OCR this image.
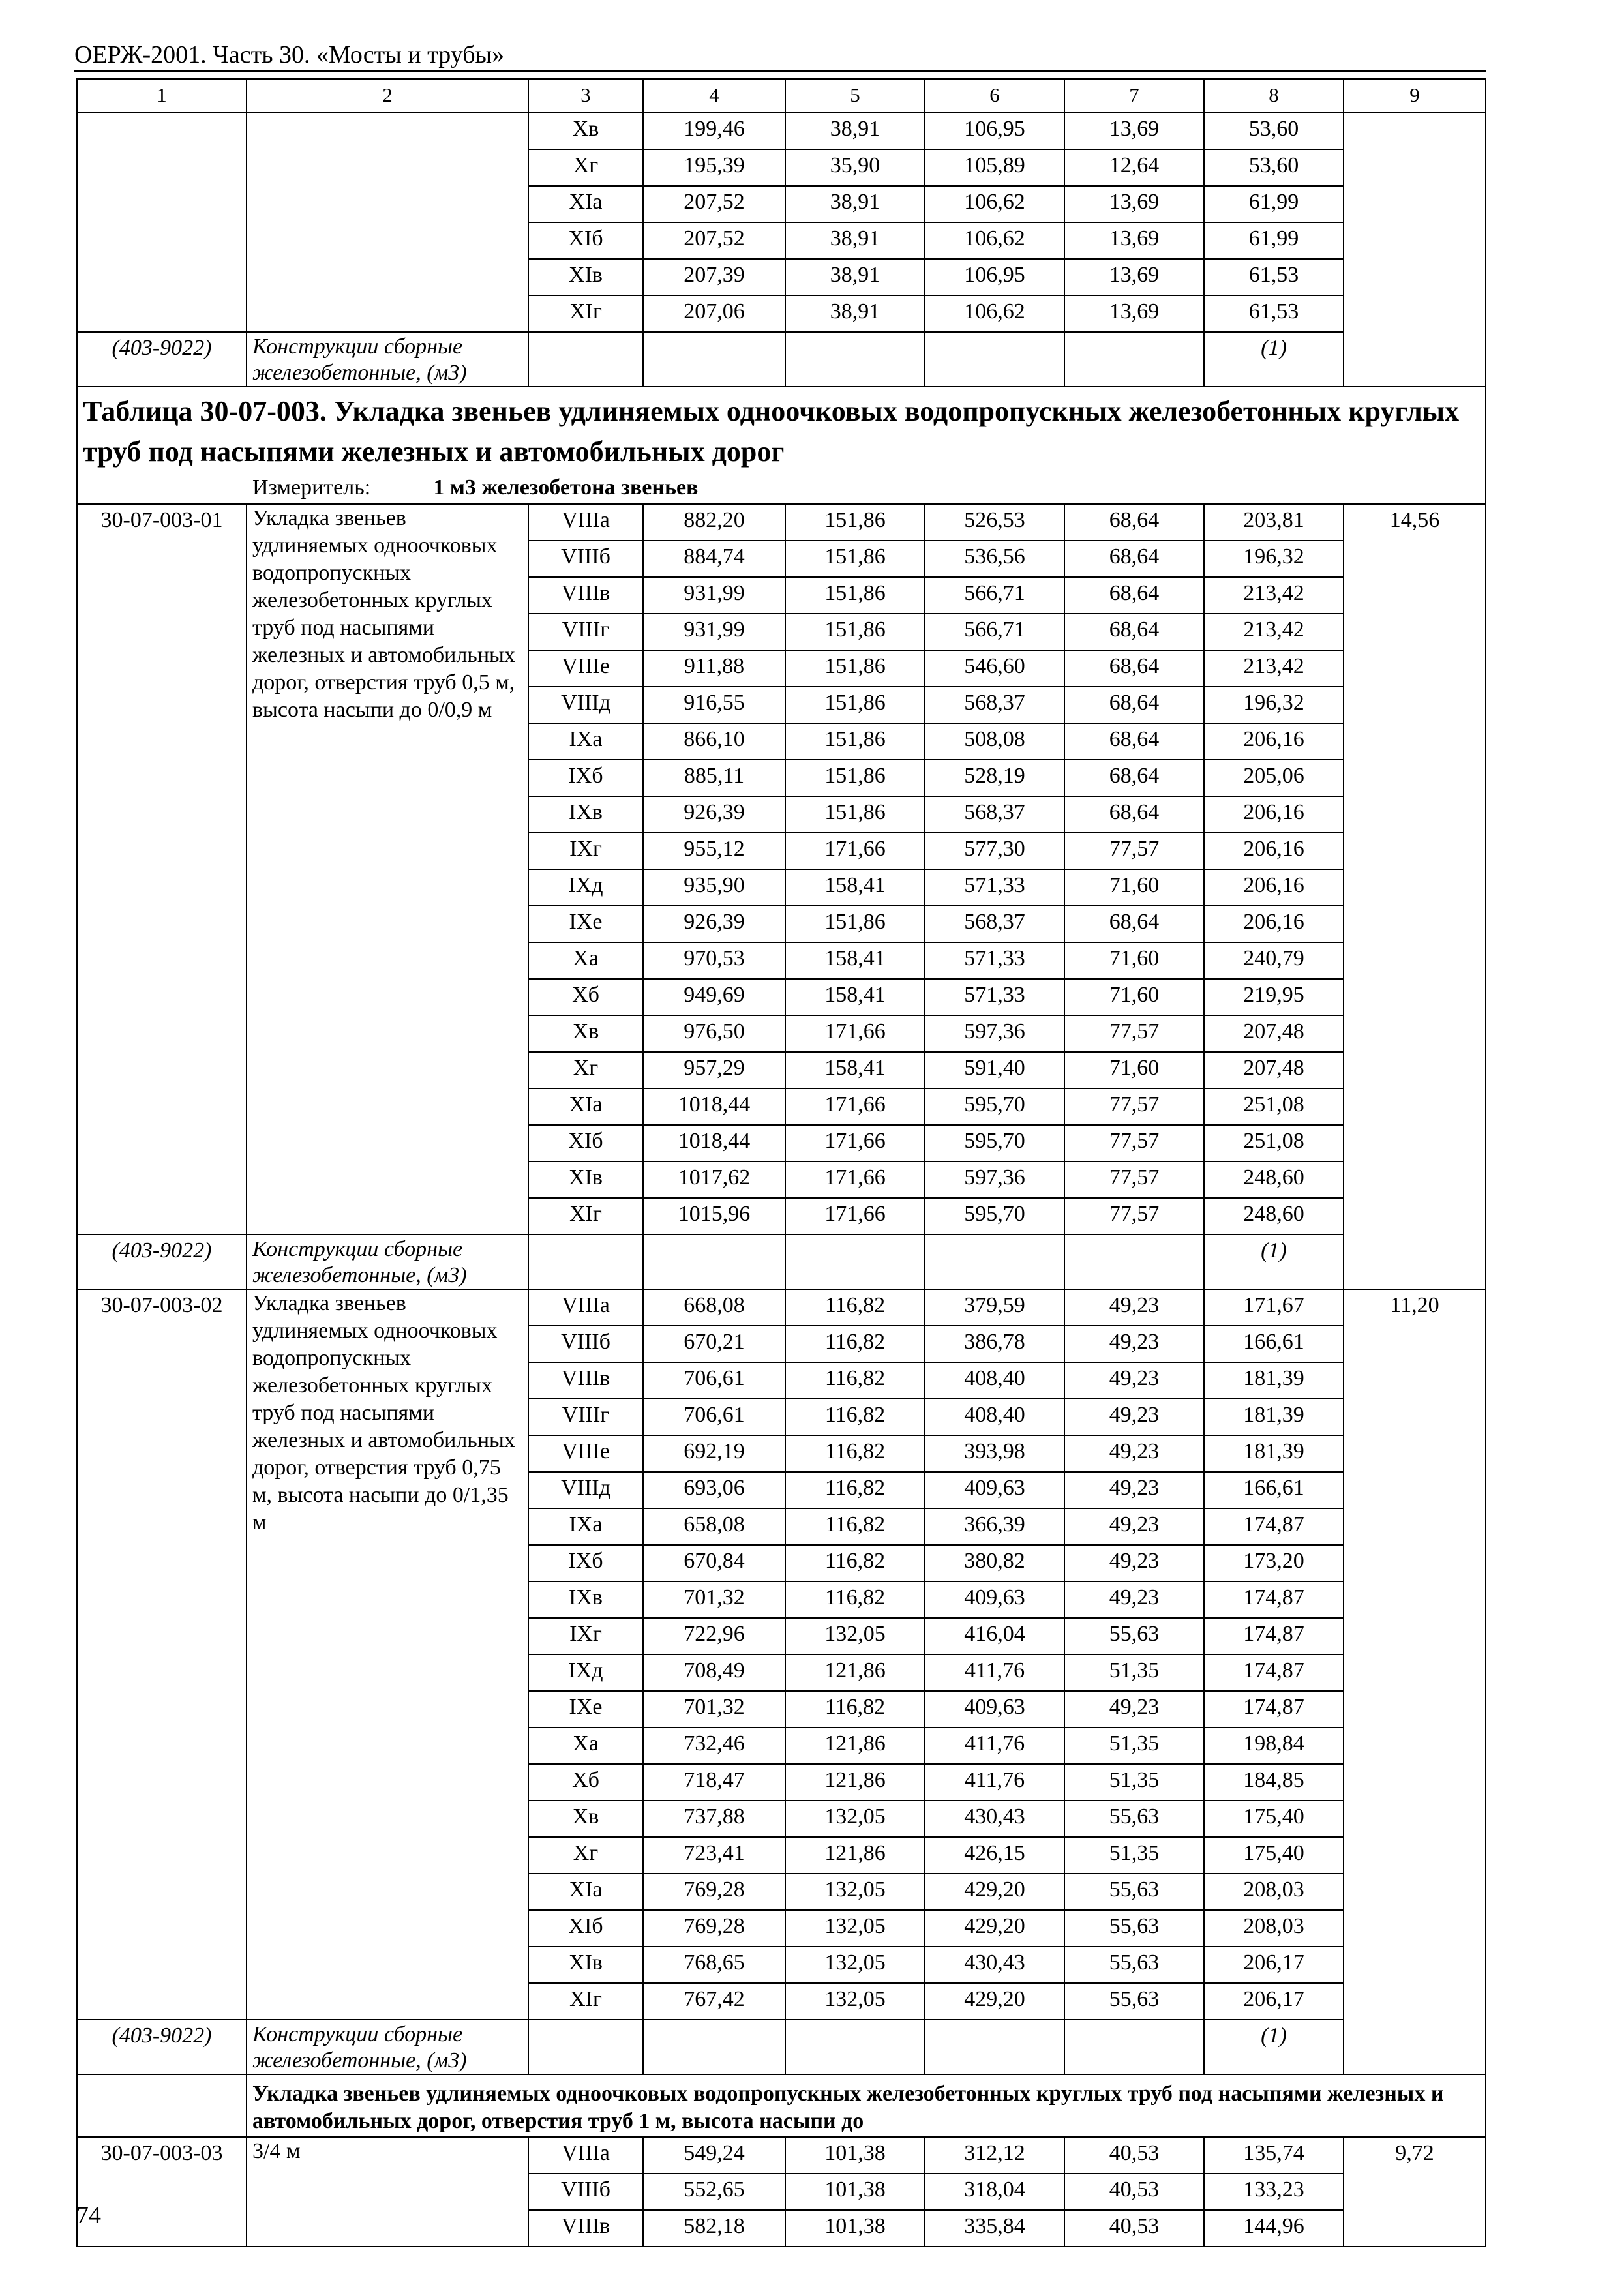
ОЕРЖ-2001. Часть 30. «Мосты и трубы»
1	2	3	4	5	6	7	8	9
		Xв	199,46	38,91	106,95	13,69	53,60	
		Xг	195,39	35,90	105,89	12,64	53,60	
		XIа	207,52	38,91	106,62	13,69	61,99	
		XIб	207,52	38,91	106,62	13,69	61,99	
		XIв	207,39	38,91	106,95	13,69	61,53	
		XIг	207,06	38,91	106,62	13,69	61,53	
(403-9022)	Конструкции сборные железобетонные, (м3)						(1)	

Таблица 30-07-003. Укладка звеньев удлиняемых одноочковых водопропускных железобетонных круглых труб под насыпями железных и автомобильных дорог
Измеритель: 1 м3 железобетона звеньев								

30-07-003-01	Укладка звеньев удлиняемых одноочковых водопропускных железобетонных круглых труб под насыпями железных и автомобильных дорог, отверстия труб 0,5 м, высота насыпи до 0/0,9 м	VIIIа	882,20	151,86	526,53	68,64	203,81	14,56
		VIIIб	884,74	151,86	536,56	68,64	196,32	
		VIIIв	931,99	151,86	566,71	68,64	213,42	
		VIIIг	931,99	151,86	566,71	68,64	213,42	
		VIIIе	911,88	151,86	546,60	68,64	213,42	
		VIIIд	916,55	151,86	568,37	68,64	196,32	
		IXа	866,10	151,86	508,08	68,64	206,16	
		IXб	885,11	151,86	528,19	68,64	205,06	
		IXв	926,39	151,86	568,37	68,64	206,16	
		IXг	955,12	171,66	577,30	77,57	206,16	
		IXд	935,90	158,41	571,33	71,60	206,16	
		IXе	926,39	151,86	568,37	68,64	206,16	
		Xа	970,53	158,41	571,33	71,60	240,79	
		Xб	949,69	158,41	571,33	71,60	219,95	
		Xв	976,50	171,66	597,36	77,57	207,48	
		Xг	957,29	158,41	591,40	71,60	207,48	
		XIа	1018,44	171,66	595,70	77,57	251,08	
		XIб	1018,44	171,66	595,70	77,57	251,08	
		XIв	1017,62	171,66	597,36	77,57	248,60	
		XIг	1015,96	171,66	595,70	77,57	248,60	
(403-9022)	Конструкции сборные железобетонные, (м3)						(1)	
30-07-003-02	Укладка звеньев удлиняемых одноочковых водопропускных железобетонных круглых труб под насыпями железных и автомобильных дорог, отверстия труб 0,75 м, высота насыпи до 0/1,35 м	VIIIа	668,08	116,82	379,59	49,23	171,67	11,20
		VIIIб	670,21	116,82	386,78	49,23	166,61	
		VIIIв	706,61	116,82	408,40	49,23	181,39	
		VIIIг	706,61	116,82	408,40	49,23	181,39	
		VIIIе	692,19	116,82	393,98	49,23	181,39	
		VIIIд	693,06	116,82	409,63	49,23	166,61	
		IXа	658,08	116,82	366,39	49,23	174,87	
		IXб	670,84	116,82	380,82	49,23	173,20	
		IXв	701,32	116,82	409,63	49,23	174,87	
		IXг	722,96	132,05	416,04	55,63	174,87	
		IXд	708,49	121,86	411,76	51,35	174,87	
		IXе	701,32	116,82	409,63	49,23	174,87	
		Xа	732,46	121,86	411,76	51,35	198,84	
		Xб	718,47	121,86	411,76	51,35	184,85	
		Xв	737,88	132,05	430,43	55,63	175,40	
		Xг	723,41	121,86	426,15	51,35	175,40	
		XIа	769,28	132,05	429,20	55,63	208,03	
		XIб	769,28	132,05	429,20	55,63	208,03	
		XIв	768,65	132,05	430,43	55,63	206,17	
		XIг	767,42	132,05	429,20	55,63	206,17	
(403-9022)	Конструкции сборные железобетонные, (м3)						(1)	
	Укладка звеньев удлиняемых одноочковых водопропускных железобетонных круглых труб под насыпями железных и автомобильных дорог, отверстия труб 1 м, высота насыпи до							
30-07-003-03	3/4 м	VIIIа	549,24	101,38	312,12	40,53	135,74	9,72
		VIIIб	552,65	101,38	318,04	40,53	133,23	
		VIIIв	582,18	101,38	335,84	40,53	144,96	
74
